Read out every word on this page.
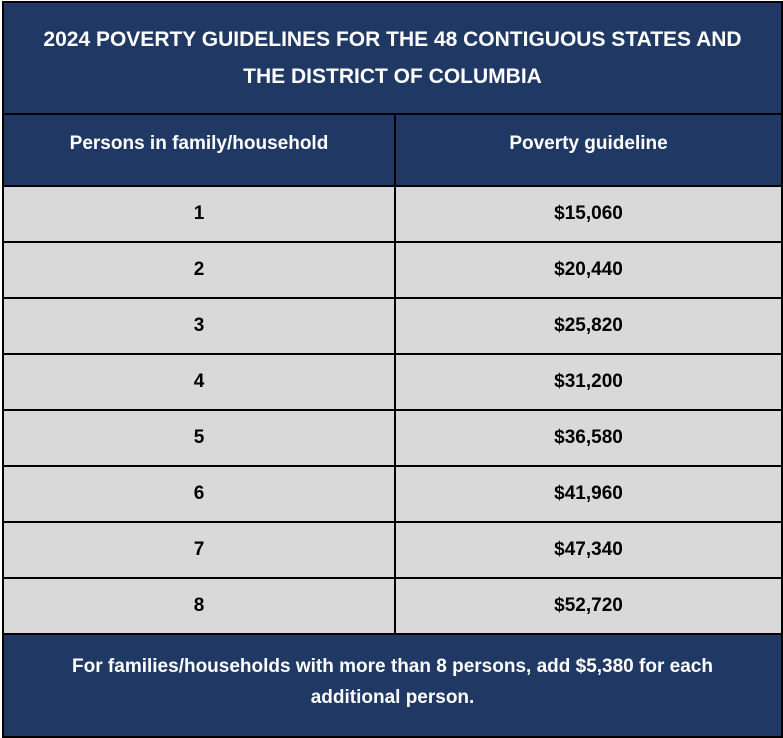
2024 POVERTY GUIDELINES FOR THE 48 CONTIGUOUS STATES AND THE DISTRICT OF COLUMBIA
Persons in family/household	Poverty guideline
1	$15,060
2	$20,440
3	$25,820
4	$31,200
5	$36,580
6	$41,960
7	$47,340
8	$52,720
For families/households with more than 8 persons, add $5,380 for each additional person.
